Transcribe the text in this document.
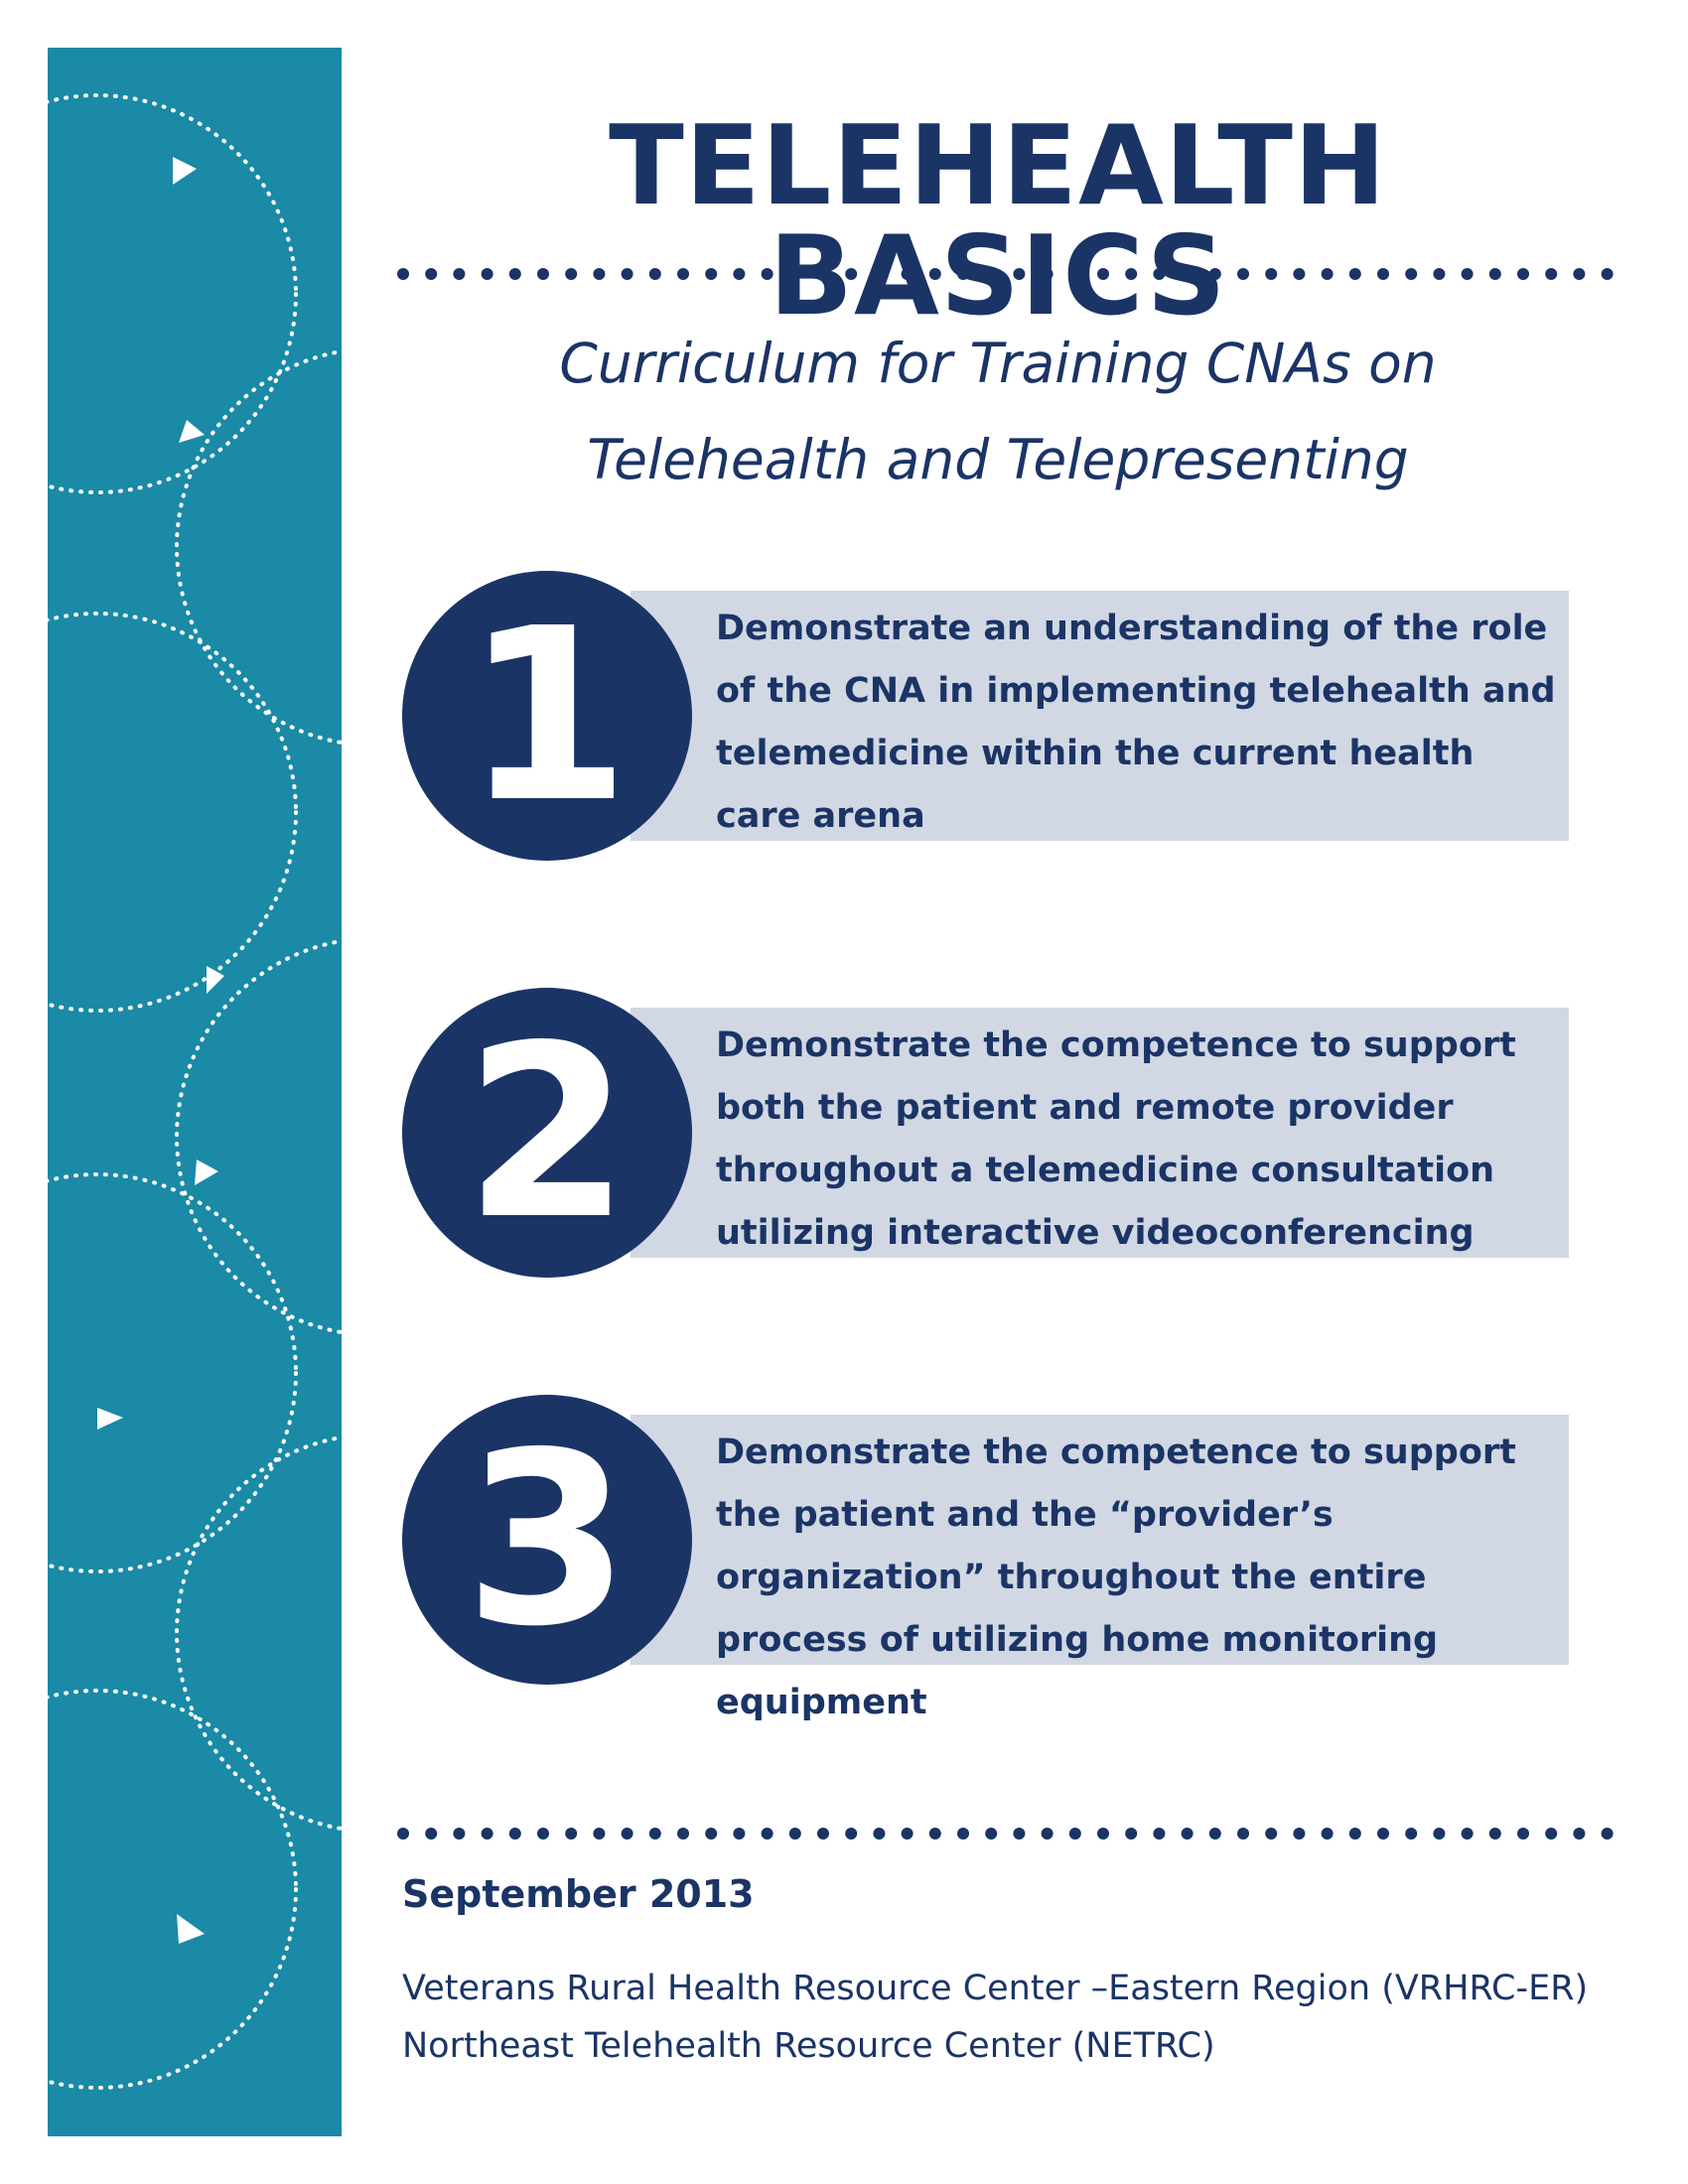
TELEHEALTH BASICS
Curriculum for Training CNAs on
Telehealth and Telepresenting
1	Demonstrate an understanding of the role of the CNA in implementing telehealth and telemedicine within the current health care arena
2	Demonstrate the competence to support both the patient and remote provider throughout a telemedicine consultation utilizing interactive videoconferencing
3	Demonstrate the competence to support the patient and the “provider’s organization” throughout the entire process of utilizing home monitoring equipment
September 2013
Veterans Rural Health Resource Center –Eastern Region (VRHRC-ER)
Northeast Telehealth Resource Center (NETRC)
